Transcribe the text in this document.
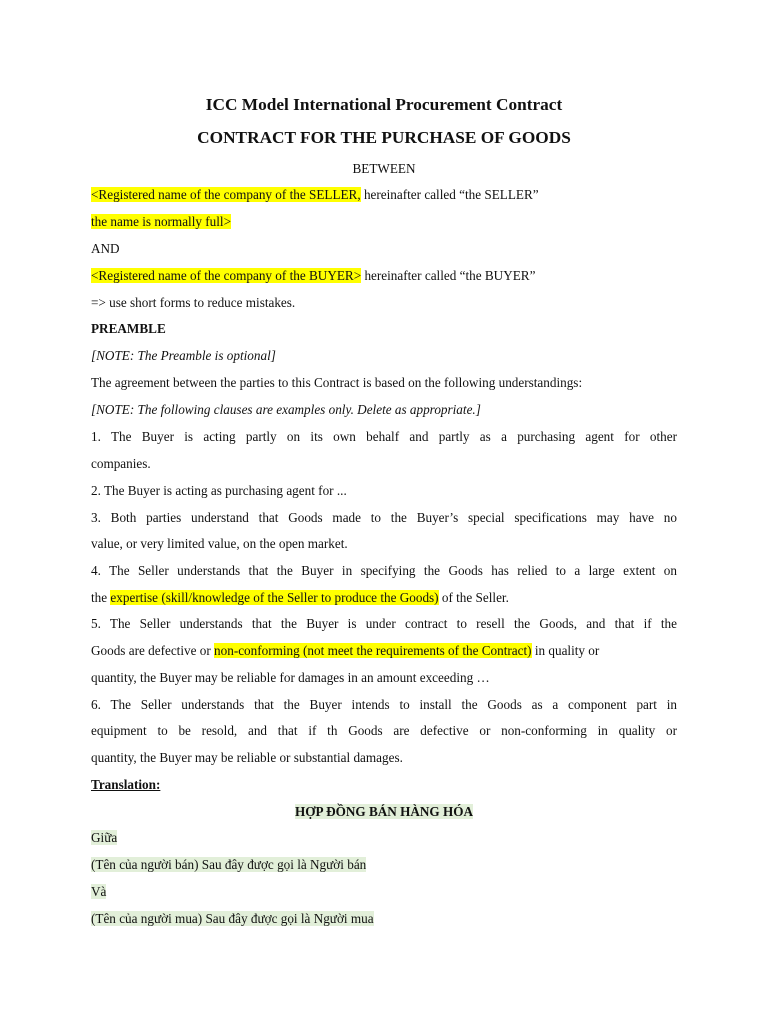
ICC Model International Procurement Contract
CONTRACT FOR THE PURCHASE OF GOODS
BETWEEN
<Registered name of the company of the SELLER, hereinafter called “the SELLER”
the name is normally full>
AND
<Registered name of the company of the BUYER> hereinafter called “the BUYER”
=> use short forms to reduce mistakes.
PREAMBLE
[NOTE: The Preamble is optional]
The agreement between the parties to this Contract is based on the following understandings:
[NOTE: The following clauses are examples only. Delete as appropriate.]
1. The Buyer is acting partly on its own behalf and partly as a purchasing agent for other
companies.
2. The Buyer is acting as purchasing agent for ...
3. Both parties understand that Goods made to the Buyer’s special specifications may have no
value, or very limited value, on the open market.
4. The Seller understands that the Buyer in specifying the Goods has relied to a large extent on
the expertise (skill/knowledge of the Seller to produce the Goods) of the Seller.
5. The Seller understands that the Buyer is under contract to resell the Goods, and that if the
Goods are defective or non-conforming (not meet the requirements of the Contract) in quality or
quantity, the Buyer may be reliable for damages in an amount exceeding …
6. The Seller understands that the Buyer intends to install the Goods as a component part in
equipment to be resold, and that if th Goods are defective or non-conforming in quality or
quantity, the Buyer may be reliable or substantial damages.
Translation:
HỢP ĐỒNG BÁN HÀNG HÓA
Giữa
(Tên của người bán) Sau đây được gọi là Người bán
Và
(Tên của người mua) Sau đây được gọi là Người mua
